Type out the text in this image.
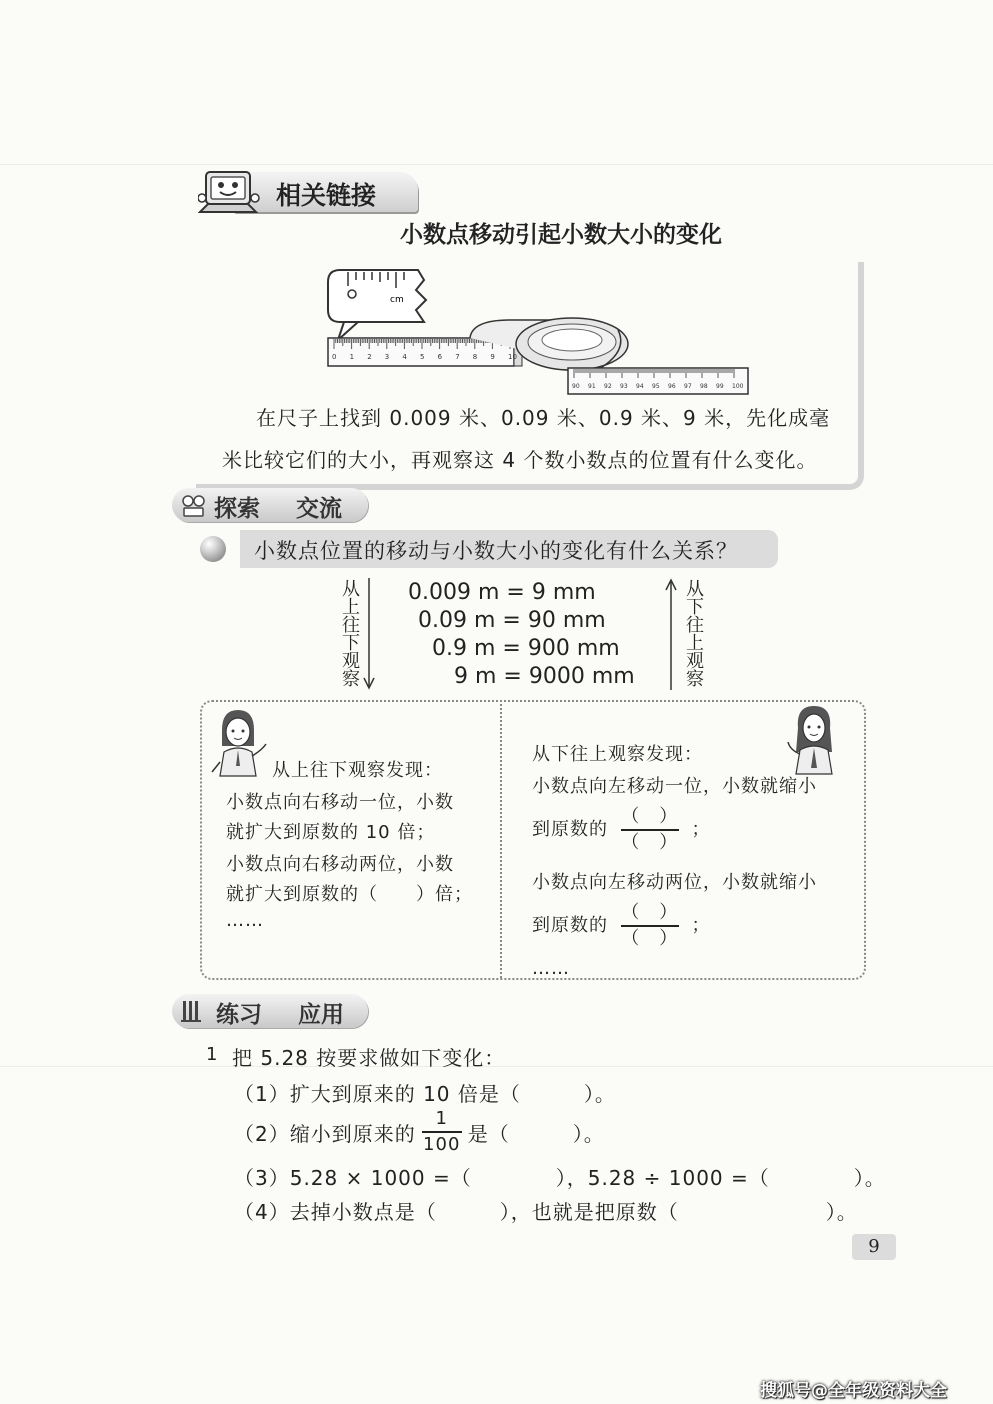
相关链接
小数点移动引起小数大小的变化
cm
0 1 2 3 4 5 6 7 8 9 10
90 91 92 93 94 95 96 97 98 99 100
在尺子上找到 0.009 米、0.09 米、0.9 米、9 米，先化成毫
米比较它们的大小，再观察这 4 个数小数点的位置有什么变化。
探索 交流
小数点位置的移动与小数大小的变化有什么关系？
从上往下观察	从下往上观察
0.009 m = 9 mm
0.09 m = 90 mm
0.9 m = 900 mm
9 m = 9000 mm
从上往下观察发现：
小数点向右移动一位，小数
就扩大到原数的 10 倍；
小数点向右移动两位，小数
就扩大到原数的（　　）倍；
……
从下往上观察发现：
小数点向左移动一位，小数就缩小
到原数的 $\frac{( )}{( )}$ ；
小数点向左移动两位，小数就缩小
到原数的 $\frac{( )}{( )}$ ；
……
练习 应用
1 把 5.28 按要求做如下变化：
（1）扩大到原来的 10 倍是（　　　）。
（2）缩小到原来的 $\frac{1}{100}$ 是（　　　）。
（3）5.28 × 1000 =（　　　　），5.28 ÷ 1000 =（　　　　）。
（4）去掉小数点是（　　　），也就是把原数（　　　　　　　）。
9
搜狐号@全年级资料大全
